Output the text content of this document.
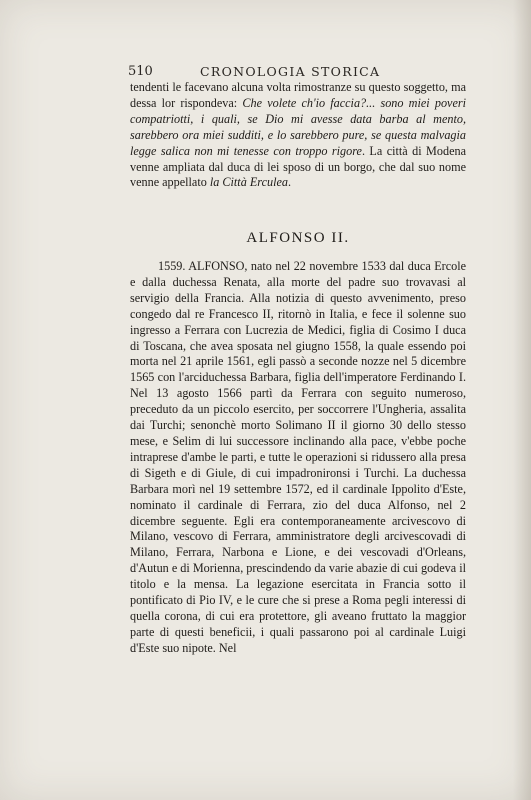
510	CRONOLOGIA STORICA
tendenti le facevano alcuna volta rimostranze su questo soggetto, ma dessa lor rispondeva: Che volete ch'io faccia?... sono miei poveri compatriotti, i quali, se Dio mi avesse data barba al mento, sarebbero ora miei sudditi, e lo sarebbero pure, se questa malvagia legge salica non mi tenesse con troppo rigore. La città di Modena venne ampliata dal duca di lei sposo di un borgo, che dal suo nome venne appellato la Città Erculea.
ALFONSO II.
1559. ALFONSO, nato nel 22 novembre 1533 dal duca Ercole e dalla duchessa Renata, alla morte del padre suo trovavasi al servigio della Francia. Alla notizia di questo avvenimento, preso congedo dal re Francesco II, ritornò in Italia, e fece il solenne suo ingresso a Ferrara con Lucrezia de Medici, figlia di Cosimo I duca di Toscana, che avea sposata nel giugno 1558, la quale essendo poi morta nel 21 aprile 1561, egli passò a seconde nozze nel 5 dicembre 1565 con l'arciduchessa Barbara, figlia dell'imperatore Ferdinando I. Nel 13 agosto 1566 partì da Ferrara con seguito numeroso, preceduto da un piccolo esercito, per soccorrere l'Ungheria, assalita dai Turchi; senonchè morto Solimano II il giorno 30 dello stesso mese, e Selim di lui successore inclinando alla pace, v'ebbe poche intraprese d'ambe le parti, e tutte le operazioni si ridussero alla presa di Sigeth e di Giule, di cui impadronironsi i Turchi. La duchessa Barbara morì nel 19 settembre 1572, ed il cardinale Ippolito d'Este, nominato il cardinale di Ferrara, zio del duca Alfonso, nel 2 dicembre seguente. Egli era contemporaneamente arcivescovo di Milano, vescovo di Ferrara, amministratore degli arcivescovadi di Milano, Ferrara, Narbona e Lione, e dei vescovadi d'Orleans, d'Autun e di Morienna, prescindendo da varie abazie di cui godeva il titolo e la mensa. La legazione esercitata in Francia sotto il pontificato di Pio IV, e le cure che si prese a Roma pegli interessi di quella corona, di cui era protettore, gli aveano fruttato la maggior parte di questi beneficii, i quali passarono poi al cardinale Luigi d'Este suo nipote. Nel
